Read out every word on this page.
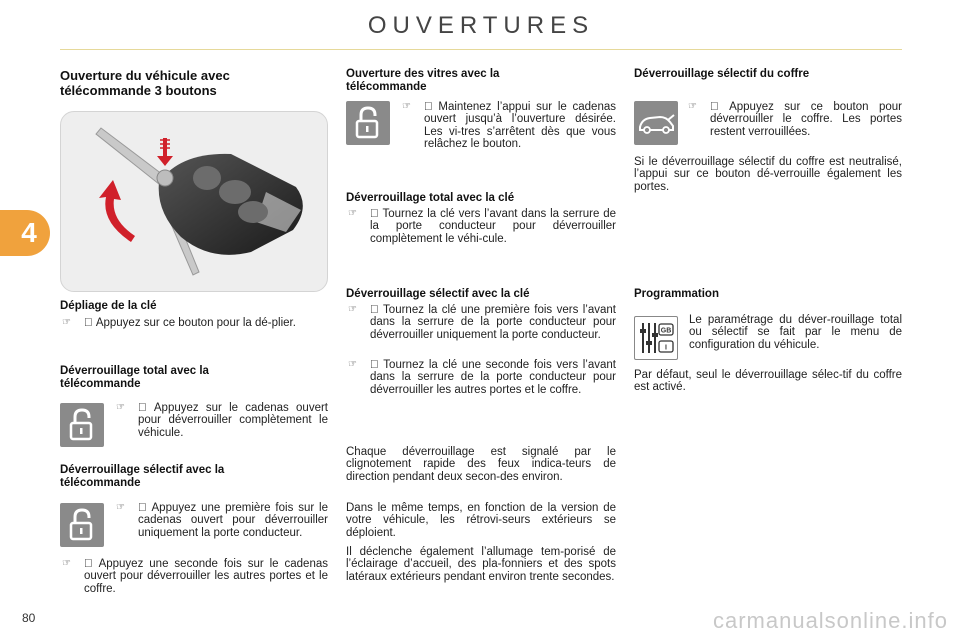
OUVERTURES
4
Ouverture du véhicule avec télécommande 3 boutons
Dépliage de la clé

☞ Appuyez sur ce bouton pour la dé-plier.
Déverrouillage total avec la télécommande

☞	Appuyez sur le cadenas ouvert pour déverrouiller complètement le véhicule.
Déverrouillage sélectif avec la télécommande

☞ Appuyez une première fois sur le cadenas ouvert pour déverrouiller uniquement la porte conducteur.

☞ Appuyez une seconde fois sur le cadenas ouvert pour déverrouiller les autres portes et le coffre.
Ouverture des vitres avec la télécommande

☞ Maintenez l’appui sur le cadenas ouvert jusqu’à l’ouverture désirée. Les vi-tres s’arrêtent dès que vous relâchez le bouton.
Déverrouillage total avec la clé

☞ Tournez la clé vers l’avant dans la serrure de la porte conducteur pour déverrouiller complètement le véhi-cule.
Déverrouillage sélectif avec la clé

☞ Tournez la clé une première fois vers l’avant dans la serrure de la porte conducteur pour déverrouiller uniquement la porte conducteur.

☞ Tournez la clé une seconde fois vers l’avant dans la serrure de la porte conducteur pour déverrouiller les autres portes et le coffre.
Chaque déverrouillage est signalé par le clignotement rapide des feux indica-teurs de direction pendant deux secon-des environ.
Dans le même temps, en fonction de la version de votre véhicule, les rétrovi-seurs extérieurs se déploient.
Il déclenche également l’allumage tem-porisé de l’éclairage d’accueil, des pla-fonniers et des spots latéraux extérieurs pendant environ trente secondes.
Déverrouillage sélectif du coffre

☞	Appuyez sur ce bouton pour déverrouiller le coffre. Les portes restent verrouillées.
Si le déverrouillage sélectif du coffre est neutralisé, l’appui sur ce bouton dé-verrouille également les portes.
Programmation
GB
I
Le paramétrage du déver-rouillage total ou sélectif se fait par le menu de configuration du véhicule.
Par défaut, seul le déverrouillage sélec-tif du coffre est activé.
80	carmanualsonline.info
